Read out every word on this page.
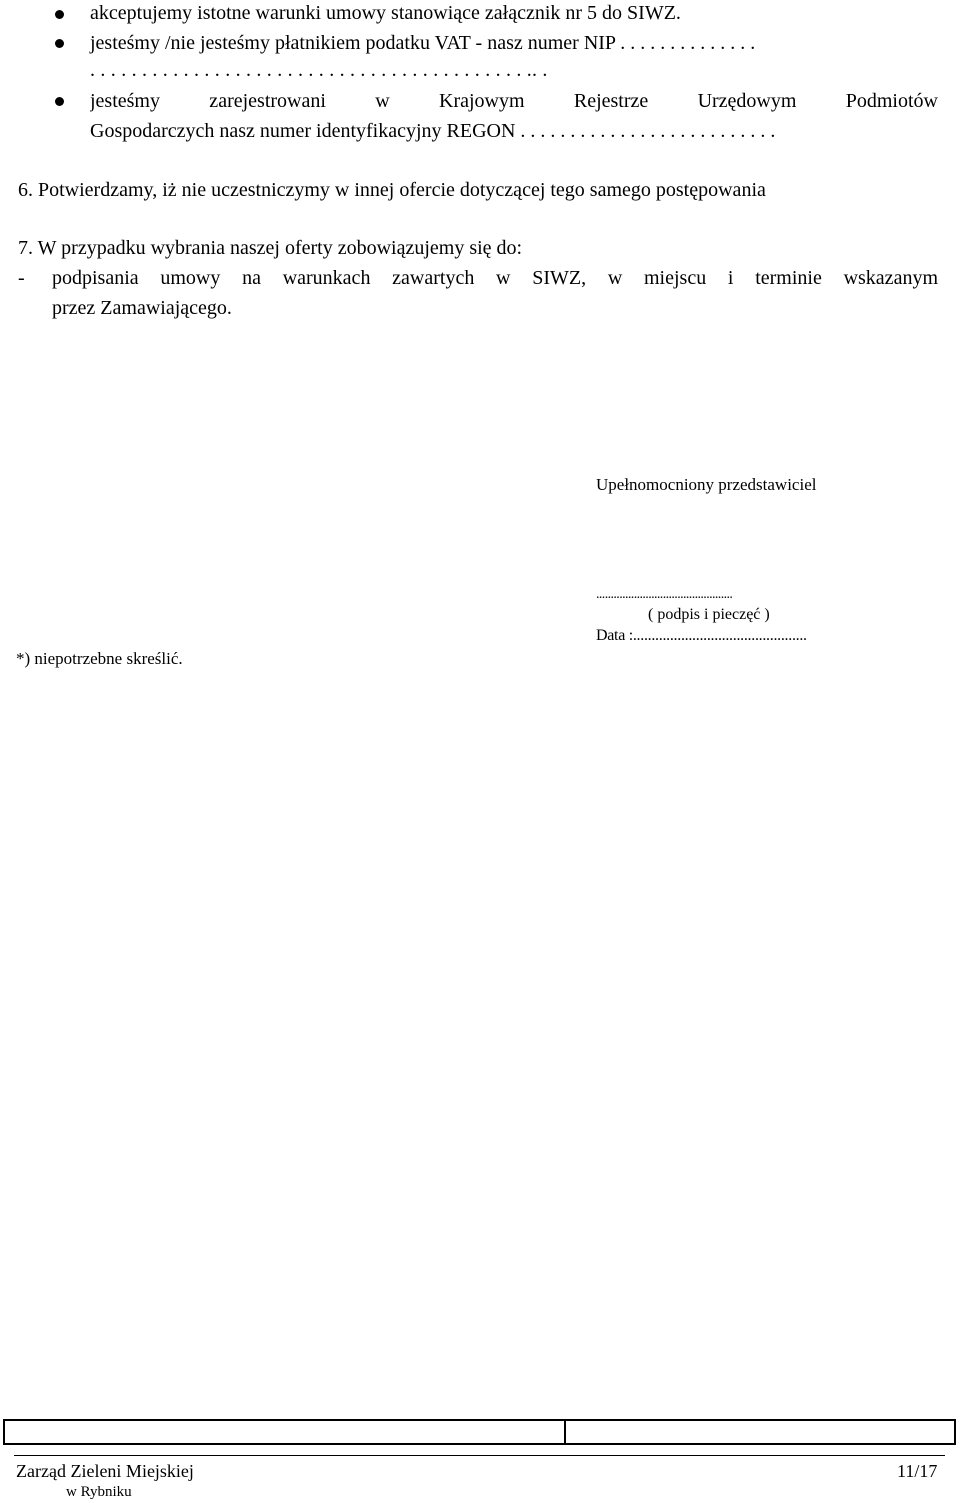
akceptujemy istotne warunki umowy stanowiące załącznik nr 5 do SIWZ.
jesteśmy /nie jesteśmy płatnikiem podatku VAT - nasz numer NIP . . . . . . . . . . . . . .
. . . . . . . . . . . . . . . . . . . . . . . . . . . . . . . . . . . . . . . . . . .. .
jesteśmy zarejestrowani w Krajowym Rejestrze Urzędowym Podmiotów
Gospodarczych nasz numer identyfikacyjny REGON . . . . . . . . . . . . . . . . . . . . . . . . . .
6. Potwierdzamy, iż nie uczestniczymy w innej ofercie dotyczącej tego samego postępowania
7. W przypadku wybrania naszej oferty zobowiązujemy się do:
- podpisania umowy na warunkach zawartych w SIWZ, w miejscu i terminie wskazanym
przez Zamawiającego.
Upełnomocniony przedstawiciel
...............................................
( podpis i pieczęć )
Data :...............................................
*) niepotrzebne skreślić.
Zarząd Zieleni Miejskiej
w Rybniku
11/17
